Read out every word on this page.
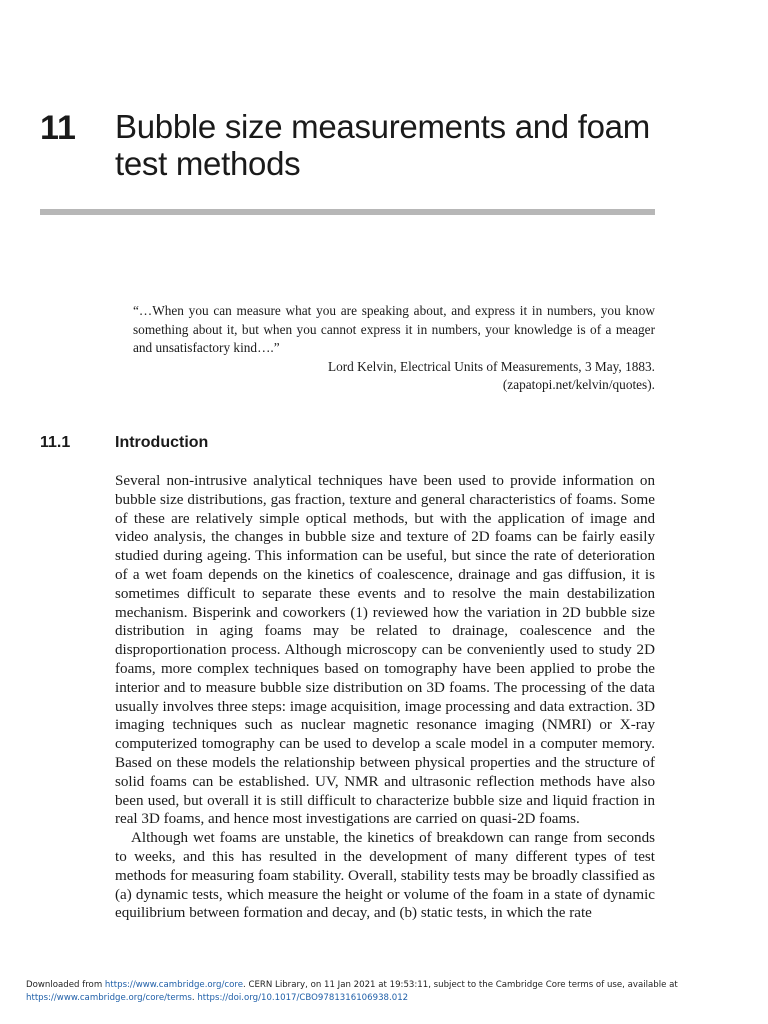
11 Bubble size measurements and foam test methods
“…When you can measure what you are speaking about, and express it in numbers, you know something about it, but when you cannot express it in numbers, your knowledge is of a meager and unsatisfactory kind….”
Lord Kelvin, Electrical Units of Measurements, 3 May, 1883.
(zapatopi.net/kelvin/quotes).
11.1	Introduction

Several non-intrusive analytical techniques have been used to provide information on bubble size distributions, gas fraction, texture and general characteristics of foams. Some of these are relatively simple optical methods, but with the application of image and video analysis, the changes in bubble size and texture of 2D foams can be fairly easily studied during ageing. This information can be useful, but since the rate of deterioration of a wet foam depends on the kinetics of coalescence, drainage and gas diffusion, it is sometimes difficult to separate these events and to resolve the main destabilization mechanism. Bisperink and coworkers (1) reviewed how the variation in 2D bubble size distribution in aging foams may be related to drainage, coalescence and the disproportionation process. Although microscopy can be conveniently used to study 2D foams, more complex techniques based on tomography have been applied to probe the interior and to measure bubble size distribution on 3D foams. The processing of the data usually involves three steps: image acquisition, image processing and data extraction. 3D imaging techniques such as nuclear magnetic resonance imaging (NMRI) or X-ray computerized tomography can be used to develop a scale model in a computer memory. Based on these models the relationship between physical properties and the structure of solid foams can be established. UV, NMR and ultrasonic reflection methods have also been used, but overall it is still difficult to characterize bubble size and liquid fraction in real 3D foams, and hence most investigations are carried on quasi-2D foams.

Although wet foams are unstable, the kinetics of breakdown can range from seconds to weeks, and this has resulted in the development of many different types of test methods for measuring foam stability. Overall, stability tests may be broadly classified as (a) dynamic tests, which measure the height or volume of the foam in a state of dynamic equilibrium between formation and decay, and (b) static tests, in which the rate

Downloaded from https://www.cambridge.org/core. CERN Library, on 11 Jan 2021 at 19:53:11, subject to the Cambridge Core terms of use, available at
https://www.cambridge.org/core/terms. https://doi.org/10.1017/CBO9781316106938.012
